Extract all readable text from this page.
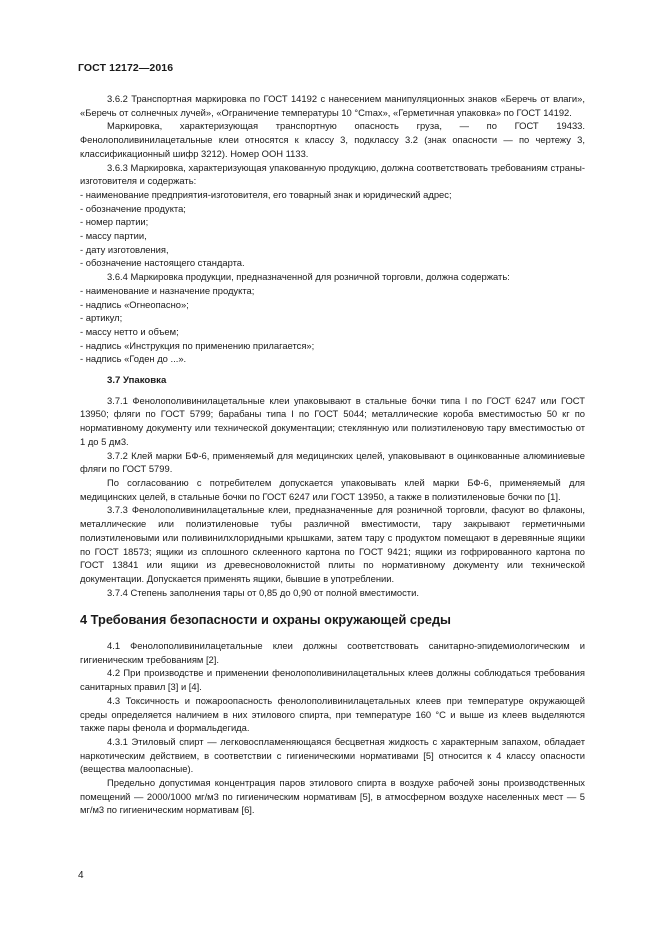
ГОСТ 12172—2016

3.6.2 Транспортная маркировка по ГОСТ 14192 с нанесением манипуляционных знаков «Беречь от влаги», «Беречь от солнечных лучей», «Ограничение температуры 10 °Cmax», «Герметичная упаковка» по ГОСТ 14192.

Маркировка, характеризующая транспортную опасность груза, — по ГОСТ 19433. Фенолополивинилацетальные клеи относятся к классу 3, подклассу 3.2 (знак опасности — по чертежу 3, классификационный шифр 3212). Номер ООН 1133.

3.6.3 Маркировка, характеризующая упакованную продукцию, должна соответствовать требованиям страны-изготовителя и содержать:

- наименование предприятия-изготовителя, его товарный знак и юридический адрес;

- обозначение продукта;

- номер партии;

- массу партии,

- дату изготовления,

- обозначение настоящего стандарта.

3.6.4 Маркировка продукции, предназначенной для розничной торговли, должна содержать:

- наименование и назначение продукта;

- надпись «Огнеопасно»;

- артикул;

- массу нетто и объем;

- надпись «Инструкция по применению прилагается»;

- надпись «Годен до ...».

3.7 Упаковка

3.7.1 Фенолополивинилацетальные клеи упаковывают в стальные бочки типа I по ГОСТ 6247 или ГОСТ 13950; фляги по ГОСТ 5799; барабаны типа I по ГОСТ 5044; металлические короба вместимостью 50 кг по нормативному документу или технической документации; стеклянную или полиэтиленовую тару вместимостью от 1 до 5 дм3.

3.7.2 Клей марки БФ-6, применяемый для медицинских целей, упаковывают в оцинкованные алюминиевые фляги по ГОСТ 5799.

По согласованию с потребителем допускается упаковывать клей марки БФ-6, применяемый для медицинских целей, в стальные бочки по ГОСТ 6247 или ГОСТ 13950, а также в полиэтиленовые бочки по [1].

3.7.3 Фенолополивинилацетальные клеи, предназначенные для розничной торговли, фасуют во флаконы, металлические или полиэтиленовые тубы различной вместимости, тару закрывают герметичными полиэтиленовыми или поливинилхлоридными крышками, затем тару с продуктом помещают в деревянные ящики по ГОСТ 18573; ящики из сплошного склеенного картона по ГОСТ 9421; ящики из гофрированного картона по ГОСТ 13841 или ящики из древесноволокнистой плиты по нормативному документу или технической документации. Допускается применять ящики, бывшие в употреблении.

3.7.4 Степень заполнения тары от 0,85 до 0,90 от полной вместимости.

4 Требования безопасности и охраны окружающей среды

4.1 Фенолополивинилацетальные клеи должны соответствовать санитарно-эпидемиологическим и гигиеническим требованиям [2].

4.2 При производстве и применении фенолополивинилацетальных клеев должны соблюдаться требования санитарных правил [3] и [4].

4.3 Токсичность и пожароопасность фенолополивинилацетальных клеев при температуре окружающей среды определяется наличием в них этилового спирта, при температуре 160 °С и выше из клеев выделяются также пары фенола и формальдегида.

4.3.1 Этиловый спирт — легковоспламеняющаяся бесцветная жидкость с характерным запахом, обладает наркотическим действием, в соответствии с гигиеническими нормативами [5] относится к 4 классу опасности (вещества малоопасные).

Предельно допустимая концентрация паров этилового спирта в воздухе рабочей зоны производственных помещений — 2000/1000 мг/м3 по гигиеническим нормативам [5], в атмосферном воздухе населенных мест — 5 мг/м3 по гигиеническим нормативам [6].

4
